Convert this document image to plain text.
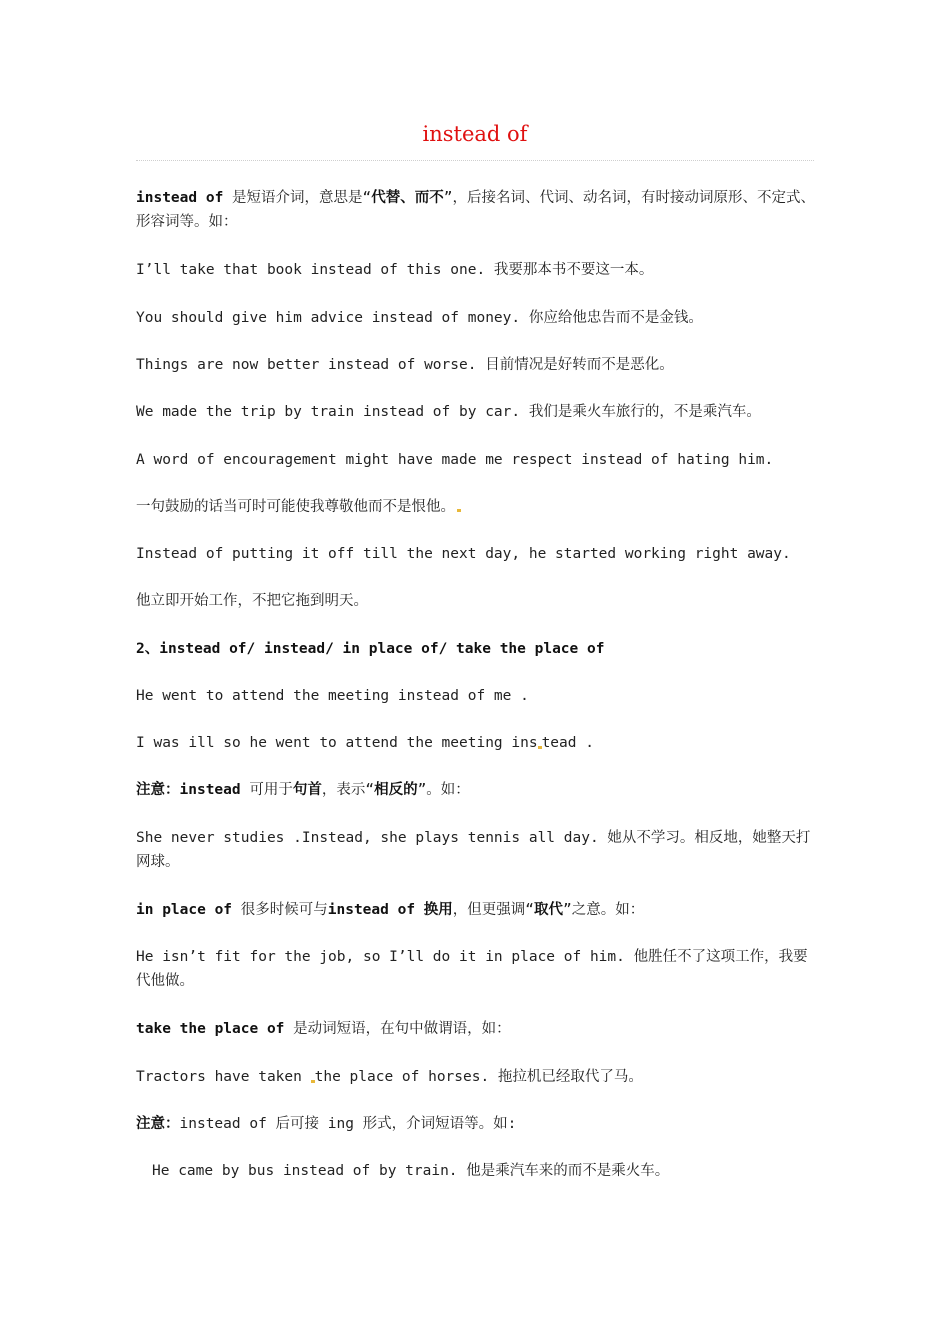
instead of
instead of 是短语介词，意思是“代替、而不”，后接名词、代词、动名词，有时接动词原形、不定式、形容词等。如：
I’ll take that book instead of this one. 我要那本书不要这一本。
You should give him advice instead of money. 你应给他忠告而不是金钱。
Things are now better instead of worse. 目前情况是好转而不是恶化。
We made the trip by train instead of by car. 我们是乘火车旅行的，不是乘汽车。
A word of encouragement might have made me respect instead of hating him.
一句鼓励的话当可时可能使我尊敬他而不是恨他。
Instead of putting it off till the next day, he started working right away.
他立即开始工作，不把它拖到明天。
2、instead of/ instead/ in place of/ take the place of
He went to attend the meeting instead of me .
I was ill so he went to attend the meeting ins tead .
注意：instead 可用于句首，表示“相反的”。如：
She never studies .Instead, she plays tennis all day. 她从不学习。相反地，她整天打网球。
in place of 很多时候可与instead of 换用，但更强调“取代”之意。如：
He isn’t fit for the job, so I’ll do it in place of him. 他胜任不了这项工作，我要代他做。
take the place of 是动词短语，在句中做谓语，如：
Tractors have taken the place of horses. 拖拉机已经取代了马。
注意：instead of 后可接 ing 形式，介词短语等。如:
He came by bus instead of by train. 他是乘汽车来的而不是乘火车。
